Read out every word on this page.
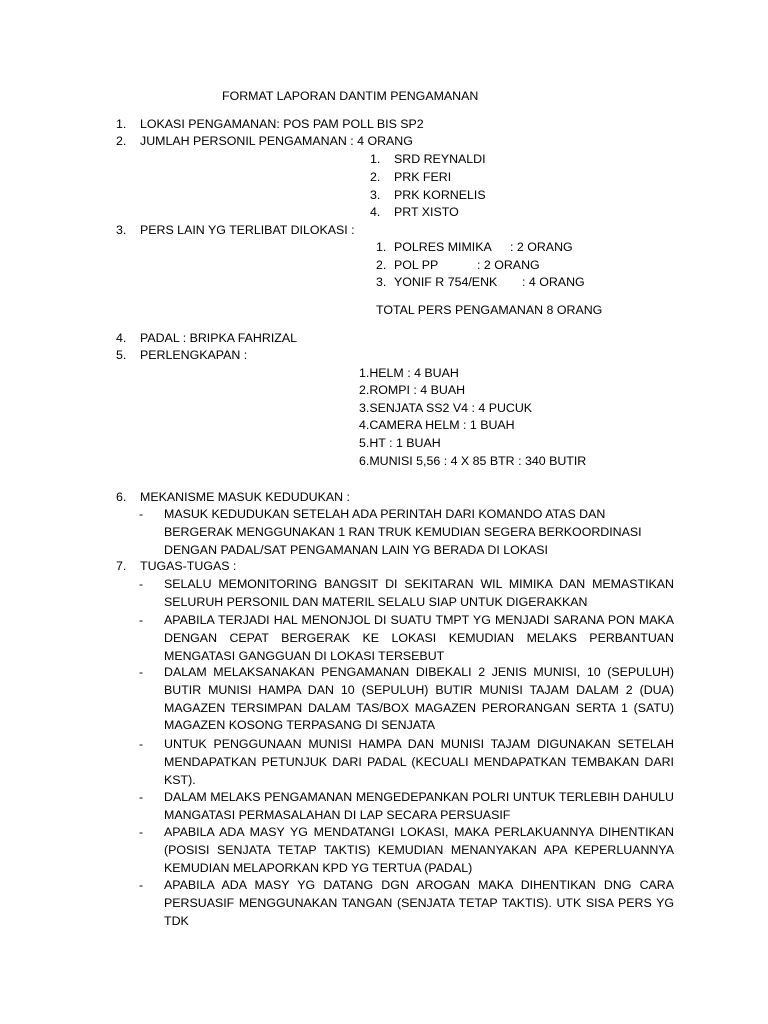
FORMAT LAPORAN DANTIM PENGAMANAN
1. LOKASI PENGAMANAN: POS PAM POLL BIS SP2
2. JUMLAH PERSONIL PENGAMANAN : 4 ORANG
1. SRD REYNALDI
2. PRK FERI
3. PRK KORNELIS
4. PRT XISTO
3. PERS LAIN YG TERLIBAT DILOKASI :
1. POLRES MIMIKA : 2 ORANG
2. POL PP	: 2 ORANG
3. YONIF R 754/ENK : 4 ORANG
TOTAL PERS PENGAMANAN 8 ORANG
4. PADAL : BRIPKA FAHRIZAL
5. PERLENGKAPAN :
1.HELM : 4 BUAH
2.ROMPI : 4 BUAH
3.SENJATA SS2 V4 : 4 PUCUK
4.CAMERA HELM : 1 BUAH
5.HT : 1 BUAH
6.MUNISI 5,56 : 4 X 85 BTR : 340 BUTIR
6. MEKANISME MASUK KEDUDUKAN :
- MASUK KEDUDUKAN SETELAH ADA PERINTAH DARI KOMANDO ATAS DAN BERGERAK MENGGUNAKAN 1 RAN TRUK KEMUDIAN SEGERA BERKOORDINASI DENGAN PADAL/SAT PENGAMANAN LAIN YG BERADA DI LOKASI
7. TUGAS-TUGAS :
- SELALU MEMONITORING BANGSIT DI SEKITARAN WIL MIMIKA DAN MEMASTIKAN SELURUH PERSONIL DAN MATERIL SELALU SIAP UNTUK DIGERAKKAN
- APABILA TERJADI HAL MENONJOL DI SUATU TMPT YG MENJADI SARANA PON MAKA DENGAN CEPAT BERGERAK KE LOKASI KEMUDIAN MELAKS PERBANTUAN MENGATASI GANGGUAN DI LOKASI TERSEBUT
- DALAM MELAKSANAKAN PENGAMANAN DIBEKALI 2 JENIS MUNISI, 10 (SEPULUH) BUTIR MUNISI HAMPA DAN 10 (SEPULUH) BUTIR MUNISI TAJAM DALAM 2 (DUA) MAGAZEN TERSIMPAN DALAM TAS/BOX MAGAZEN PERORANGAN SERTA 1 (SATU) MAGAZEN KOSONG TERPASANG DI SENJATA
- UNTUK PENGGUNAAN MUNISI HAMPA DAN MUNISI TAJAM DIGUNAKAN SETELAH MENDAPATKAN PETUNJUK DARI PADAL (KECUALI MENDAPATKAN TEMBAKAN DARI KST).
- DALAM MELAKS PENGAMANAN MENGEDEPANKAN POLRI UNTUK TERLEBIH DAHULU MANGATASI PERMASALAHAN DI LAP SECARA PERSUASIF
- APABILA ADA MASY YG MENDATANGI LOKASI, MAKA PERLAKUANNYA DIHENTIKAN (POSISI SENJATA TETAP TAKTIS) KEMUDIAN MENANYAKAN APA KEPERLUANNYA KEMUDIAN MELAPORKAN KPD YG TERTUA (PADAL)
- APABILA ADA MASY YG DATANG DGN AROGAN MAKA DIHENTIKAN DNG CARA PERSUASIF MENGGUNAKAN TANGAN (SENJATA TETAP TAKTIS). UTK SISA PERS YG TDK
